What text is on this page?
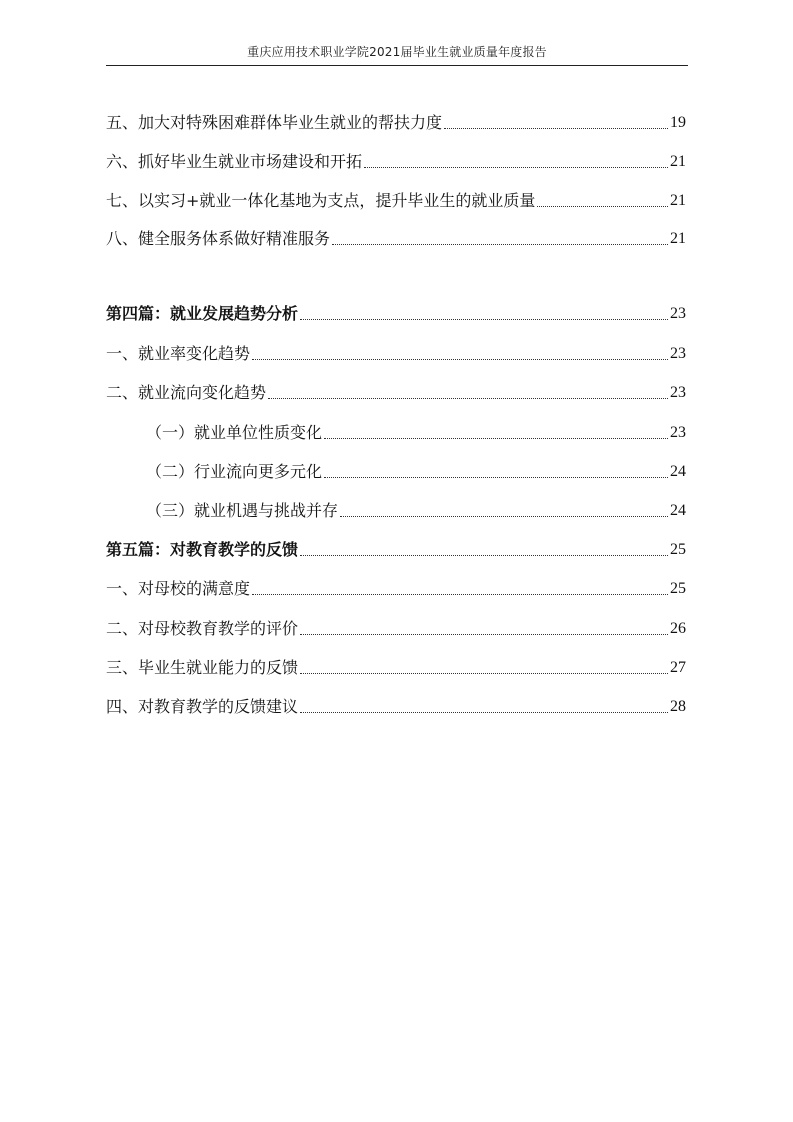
重庆应用技术职业学院2021届毕业生就业质量年度报告
五、加大对特殊困难群体毕业生就业的帮扶力度	19
六、抓好毕业生就业市场建设和开拓	21
七、以实习+就业一体化基地为支点，提升毕业生的就业质量	21
八、健全服务体系做好精准服务	21
第四篇：就业发展趋势分析	23
一、就业率变化趋势	23
二、就业流向变化趋势	23
（一）就业单位性质变化	23
（二）行业流向更多元化	24
（三）就业机遇与挑战并存	24
第五篇：对教育教学的反馈	25
一、对母校的满意度	25
二、对母校教育教学的评价	26
三、毕业生就业能力的反馈	27
四、对教育教学的反馈建议	28
